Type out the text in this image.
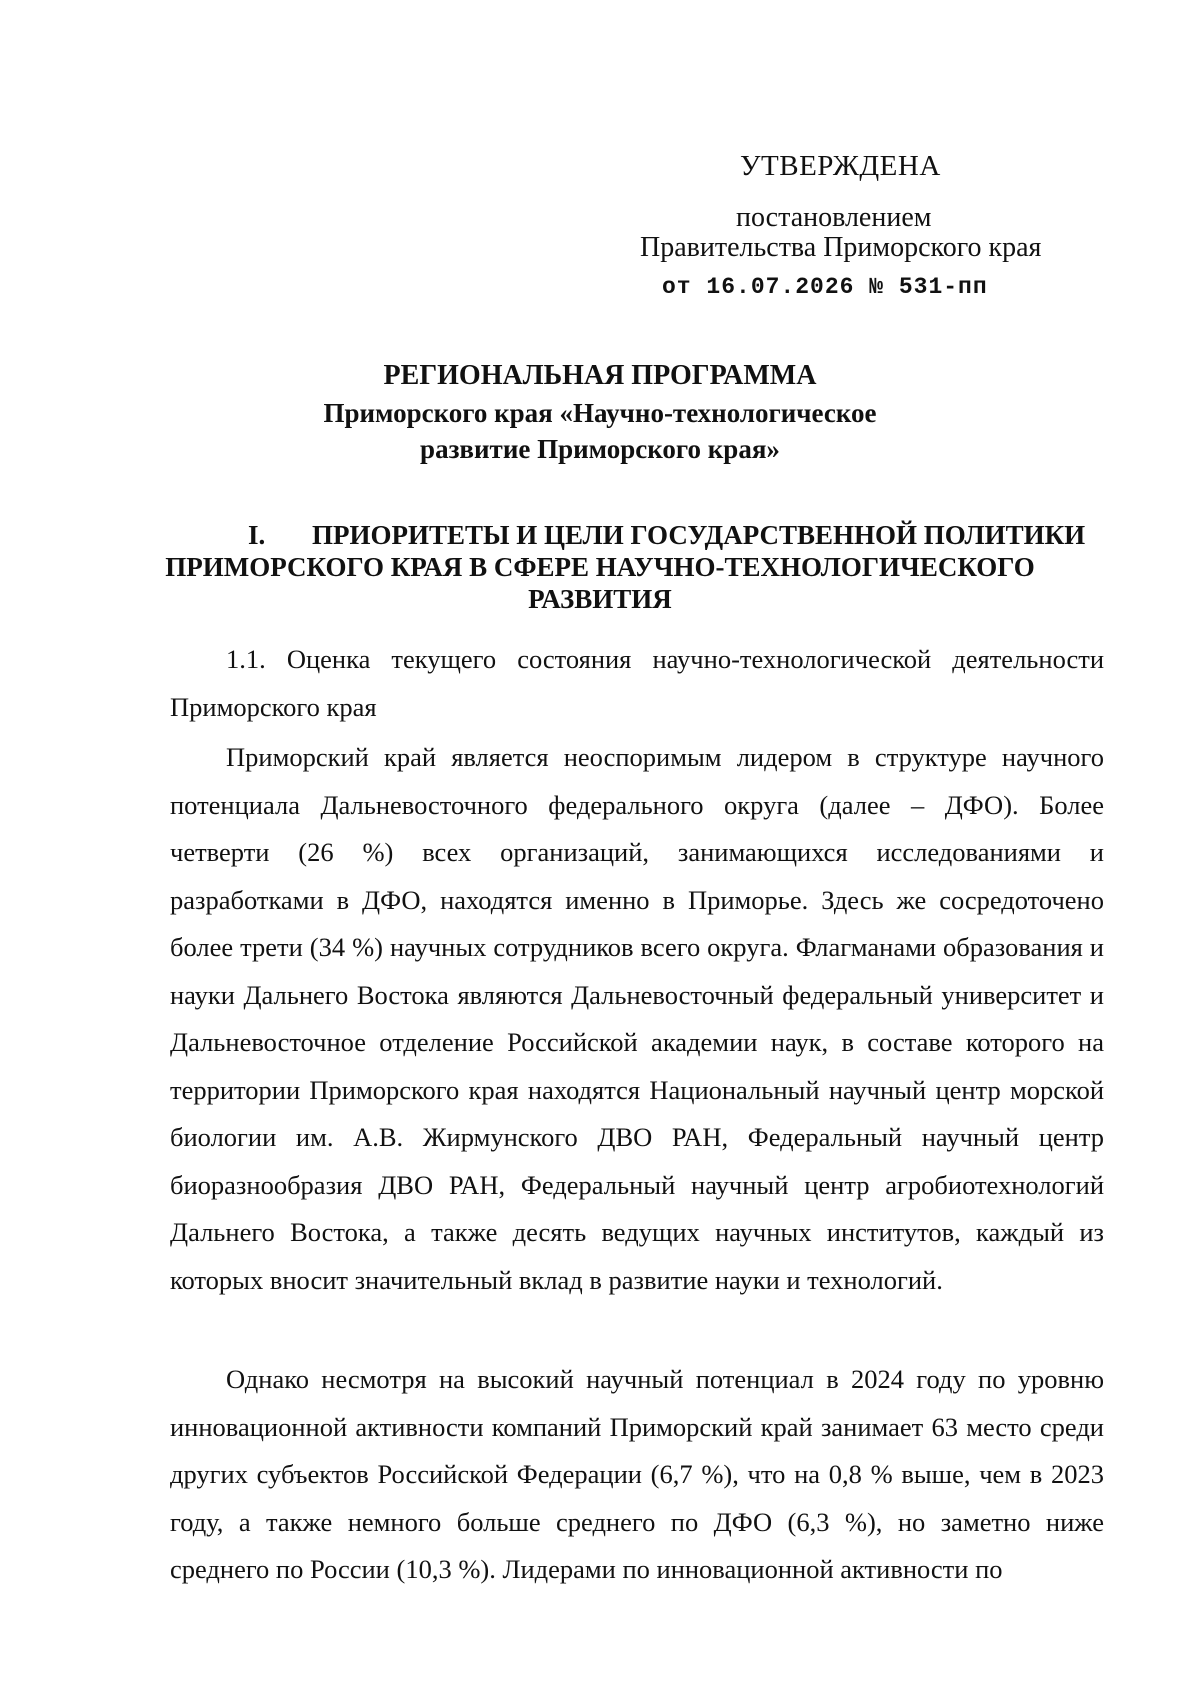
УТВЕРЖДЕНА
постановлением
Правительства Приморского края
от 16.07.2026 № 531-пп
РЕГИОНАЛЬНАЯ ПРОГРАММА
Приморского края «Научно-технологическое
развитие Приморского края»
I. ПРИОРИТЕТЫ И ЦЕЛИ ГОСУДАРСТВЕННОЙ ПОЛИТИКИ
ПРИМОРСКОГО КРАЯ В СФЕРЕ НАУЧНО-ТЕХНОЛОГИЧЕСКОГО
РАЗВИТИЯ
1.1. Оценка текущего состояния научно-технологической деятельности Приморского края
Приморский край является неоспоримым лидером в структуре научного потенциала Дальневосточного федерального округа (далее – ДФО). Более четверти (26 %) всех организаций, занимающихся исследованиями и разработками в ДФО, находятся именно в Приморье. Здесь же сосредоточено более трети (34 %) научных сотрудников всего округа. Флагманами образования и науки Дальнего Востока являются Дальневосточный федеральный университет и Дальневосточное отделение Российской академии наук, в составе которого на территории Приморского края находятся Национальный научный центр морской биологии им. А.В. Жирмунского ДВО РАН, Федеральный научный центр биоразнообразия ДВО РАН, Федеральный научный центр агробиотехнологий Дальнего Востока, а также десять ведущих научных институтов, каждый из которых вносит значительный вклад в развитие науки и технологий.
Однако несмотря на высокий научный потенциал в 2024 году по уровню инновационной активности компаний Приморский край занимает 63 место среди других субъектов Российской Федерации (6,7 %), что на 0,8 % выше, чем в 2023 году, а также немного больше среднего по ДФО (6,3 %), но заметно ниже среднего по России (10,3 %). Лидерами по инновационной активности по
